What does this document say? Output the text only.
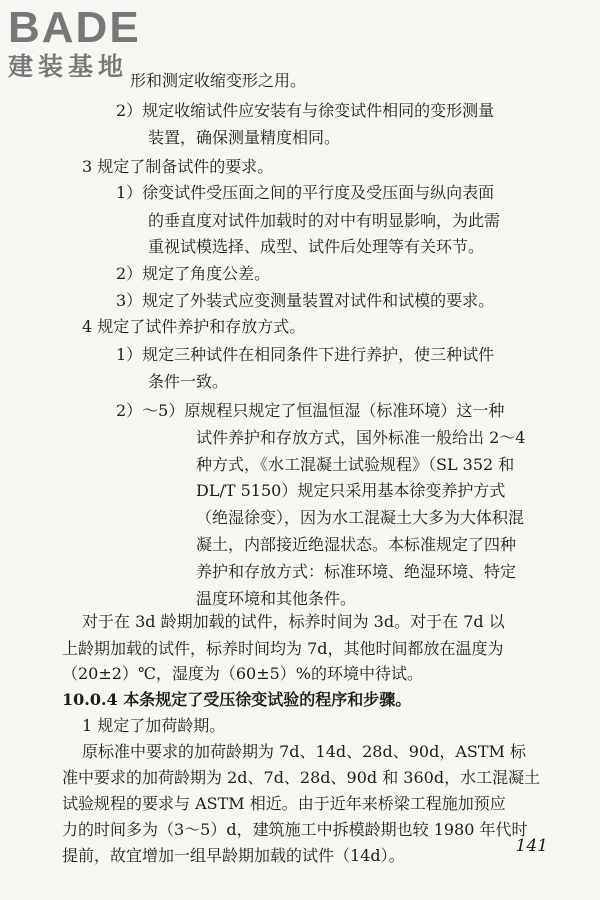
BADE
建装基地 形和测定收缩变形之用。
2）规定收缩试件应安装有与徐变试件相同的变形测量
装置，确保测量精度相同。
3 规定了制备试件的要求。
1）徐变试件受压面之间的平行度及受压面与纵向表面
的垂直度对试件加载时的对中有明显影响，为此需
重视试模选择、成型、试件后处理等有关环节。
2）规定了角度公差。
3）规定了外装式应变测量装置对试件和试模的要求。
4 规定了试件养护和存放方式。
1）规定三种试件在相同条件下进行养护，使三种试件
条件一致。
2）～5）原规程只规定了恒温恒湿（标准环境）这一种
试件养护和存放方式，国外标准一般给出 2～4
种方式，《水工混凝土试验规程》（SL 352 和
DL/T 5150）规定只采用基本徐变养护方式
（绝湿徐变），因为水工混凝土大多为大体积混
凝土，内部接近绝湿状态。本标准规定了四种
养护和存放方式：标准环境、绝湿环境、特定
温度环境和其他条件。
对于在 3d 龄期加载的试件，标养时间为 3d。对于在 7d 以
上龄期加载的试件，标养时间均为 7d，其他时间都放在温度为
（20±2）℃，湿度为（60±5）%的环境中待试。
10.0.4 本条规定了受压徐变试验的程序和步骤。
1 规定了加荷龄期。
原标准中要求的加荷龄期为 7d、14d、28d、90d，ASTM 标
准中要求的加荷龄期为 2d、7d、28d、90d 和 360d，水工混凝土
试验规程的要求与 ASTM 相近。由于近年来桥梁工程施加预应
力的时间多为（3～5）d，建筑施工中拆模龄期也较 1980 年代时
提前，故宜增加一组早龄期加载的试件（14d）。	141
